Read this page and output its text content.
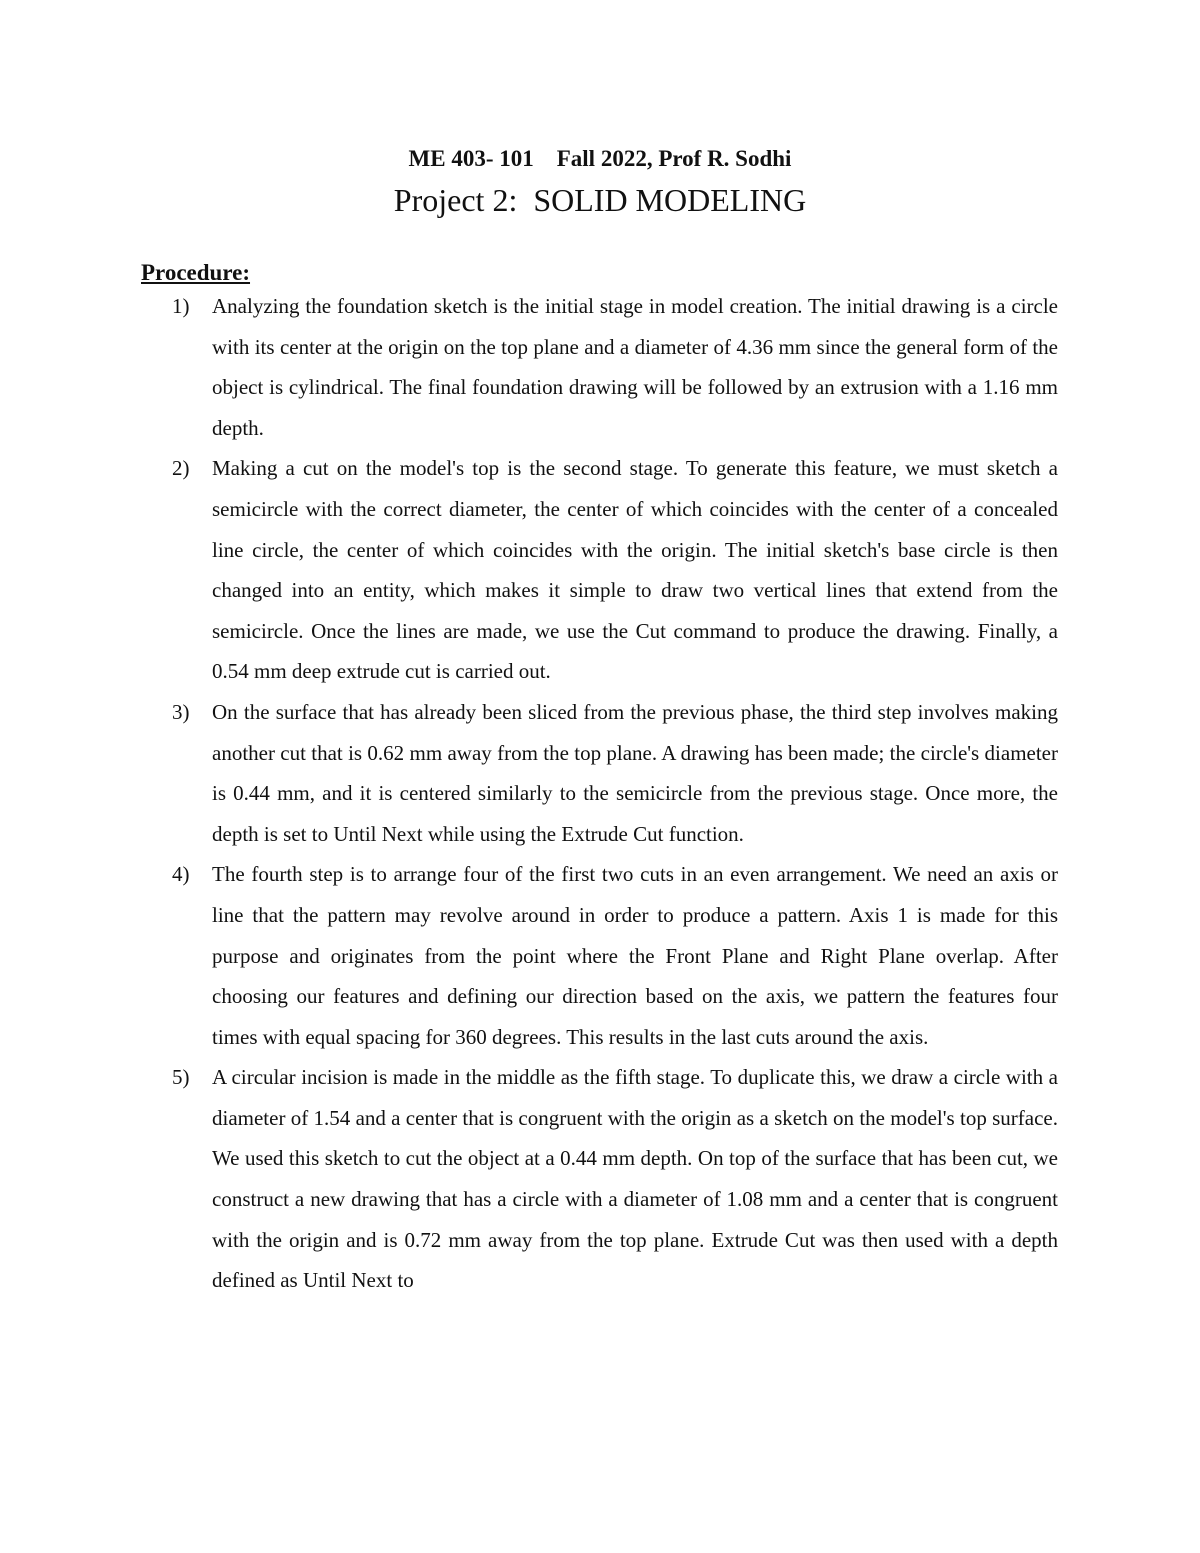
ME 403- 101    Fall 2022, Prof R. Sodhi
Project 2:  SOLID MODELING
Procedure:
1) Analyzing the foundation sketch is the initial stage in model creation. The initial drawing is a circle with its center at the origin on the top plane and a diameter of 4.36 mm since the general form of the object is cylindrical. The final foundation drawing will be followed by an extrusion with a 1.16 mm depth.
2) Making a cut on the model's top is the second stage. To generate this feature, we must sketch a semicircle with the correct diameter, the center of which coincides with the center of a concealed line circle, the center of which coincides with the origin. The initial sketch's base circle is then changed into an entity, which makes it simple to draw two vertical lines that extend from the semicircle. Once the lines are made, we use the Cut command to produce the drawing. Finally, a 0.54 mm deep extrude cut is carried out.
3) On the surface that has already been sliced from the previous phase, the third step involves making another cut that is 0.62 mm away from the top plane. A drawing has been made; the circle's diameter is 0.44 mm, and it is centered similarly to the semicircle from the previous stage. Once more, the depth is set to Until Next while using the Extrude Cut function.
4) The fourth step is to arrange four of the first two cuts in an even arrangement. We need an axis or line that the pattern may revolve around in order to produce a pattern. Axis 1 is made for this purpose and originates from the point where the Front Plane and Right Plane overlap. After choosing our features and defining our direction based on the axis, we pattern the features four times with equal spacing for 360 degrees. This results in the last cuts around the axis.
5) A circular incision is made in the middle as the fifth stage. To duplicate this, we draw a circle with a diameter of 1.54 and a center that is congruent with the origin as a sketch on the model's top surface. We used this sketch to cut the object at a 0.44 mm depth. On top of the surface that has been cut, we construct a new drawing that has a circle with a diameter of 1.08 mm and a center that is congruent with the origin and is 0.72 mm away from the top plane. Extrude Cut was then used with a depth defined as Until Next to
